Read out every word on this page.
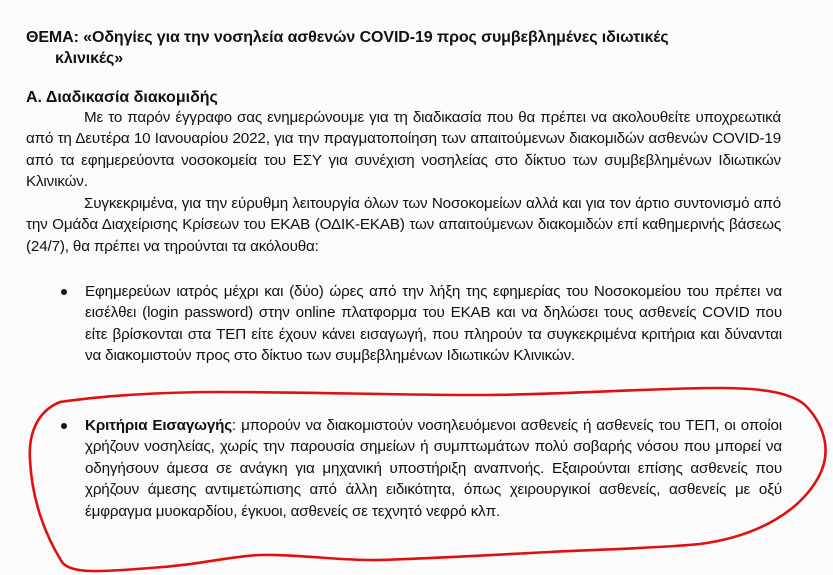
ΘΕΜΑ: «Οδηγίες για την νοσηλεία ασθενών COVID-19 προς συμβεβλημένες ιδιωτικές
κλινικές»
Α. Διαδικασία διακομιδής

Με το παρόν έγγραφο σας ενημερώνουμε για τη διαδικασία που θα πρέπει να ακολουθείτε υποχρεωτικά από τη Δευτέρα 10 Ιανουαρίου 2022, για την πραγματοποίηση των απαιτούμενων διακομιδών ασθενών COVID-19 από τα εφημερεύοντα νοσοκομεία του ΕΣΥ για συνέχιση νοσηλείας στο δίκτυο των συμβεβλημένων Ιδιωτικών Κλινικών.

Συγκεκριμένα, για την εύρυθμη λειτουργία όλων των Νοσοκομείων αλλά και για τον άρτιο συντονισμό από την Ομάδα Διαχείρισης Κρίσεων του ΕΚΑΒ (ΟΔΙΚ-ΕΚΑΒ) των απαιτούμενων διακομιδών επί καθημερινής βάσεως (24/7), θα πρέπει να τηρούνται τα ακόλουθα:

Εφημερεύων ιατρός μέχρι και (δύο) ώρες από την λήξη της εφημερίας του Νοσοκομείου του πρέπει να εισέλθει (login password) στην online πλατφορμα του ΕΚΑΒ και να δηλώσει τους ασθενείς COVID που είτε βρίσκονται στα ΤΕΠ είτε έχουν κάνει εισαγωγή, που πληρούν τα συγκεκριμένα κριτήρια και δύνανται να διακομιστούν προς στο δίκτυο των συμβεβλημένων Ιδιωτικών Κλινικών.
Κριτήρια Εισαγωγής: μπορούν να διακομιστούν νοσηλευόμενοι ασθενείς ή ασθενείς του ΤΕΠ, οι οποίοι χρήζουν νοσηλείας, χωρίς την παρουσία σημείων ή συμπτωμάτων πολύ σοβαρής νόσου που μπορεί να οδηγήσουν άμεσα σε ανάγκη για μηχανική υποστήριξη αναπνοής. Εξαιρούνται επίσης ασθενείς που χρήζουν άμεσης αντιμετώπισης από άλλη ειδικότητα, όπως χειρουργικοί ασθενείς, ασθενείς με οξύ έμφραγμα μυοκαρδίου, έγκυοι, ασθενείς σε τεχνητό νεφρό κλπ.
